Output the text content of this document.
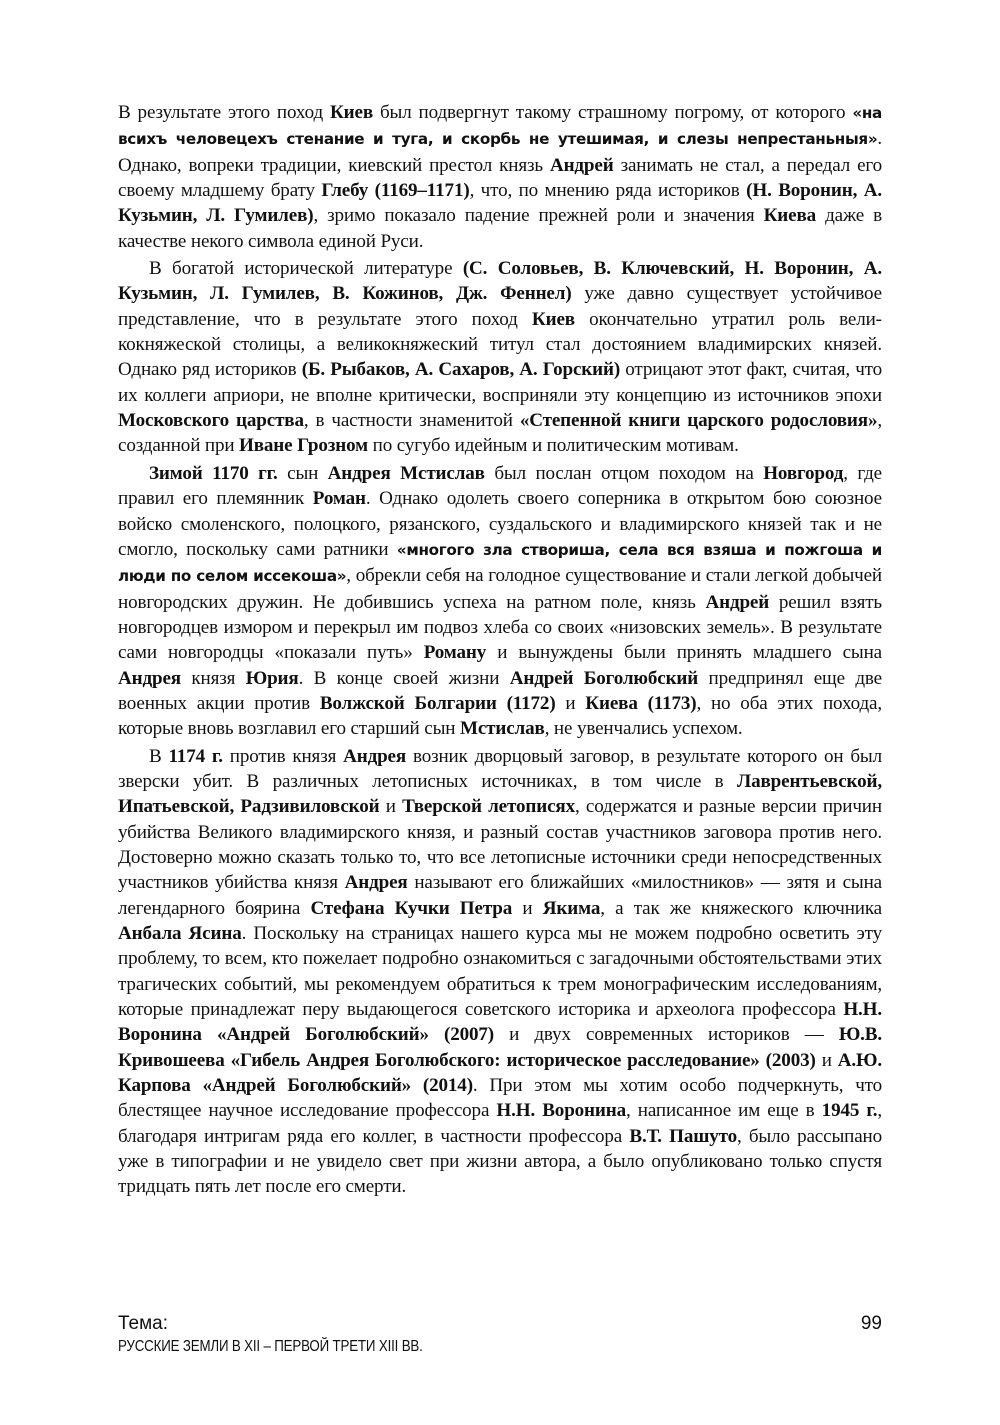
В результате этого поход Киев был подвергнут такому страшному погрому, от которого «на всихъ человецехъ стенание и туга, и скорбь не утешимая, и слезы непрестаньныя». Однако, вопреки традиции, киевский престол князь Андрей занимать не стал, а передал его своему младшему брату Глебу (1169–1171), что, по мнению ряда историков (Н. Воронин, А. Кузьмин, Л. Гумилев), зримо показало падение прежней роли и значения Киева даже в качестве некого символа единой Руси.

В богатой исторической литературе (С. Соловьев, В. Ключевский, Н. Воронин, А. Кузьмин, Л. Гумилев, В. Кожинов, Дж. Феннел) уже давно существует устойчивое представление, что в результате этого поход Киев окончательно утратил роль великокняжеской столицы, а великокняжеский титул стал достоянием владимирских князей. Однако ряд историков (Б. Рыбаков, А. Сахаров, А. Горский) отрицают этот факт, считая, что их коллеги априори, не вполне критически, восприняли эту концепцию из источников эпохи Московского царства, в частности знаменитой «Степенной книги царского родословия», созданной при Иване Грозном по сугубо идейным и политическим мотивам.

Зимой 1170 гг. сын Андрея Мстислав был послан отцом походом на Новгород, где правил его племянник Роман. Однако одолеть своего соперника в открытом бою союзное войско смоленского, полоцкого, рязанского, суздальского и владимирского князей так и не смогло, поскольку сами ратники «многого зла створиша, села вся взяша и пожгоша и люди по селом иссекоша», обрекли себя на голодное существование и стали легкой добычей новгородских дружин. Не добившись успеха на ратном поле, князь Андрей решил взять новгородцев измором и перекрыл им подвоз хлеба со своих «низовских земель». В результате сами новгородцы «показали путь» Роману и вынуждены были принять младшего сына Андрея князя Юрия. В конце своей жизни Андрей Боголюбский предпринял еще две военных акции против Волжской Болгарии (1172) и Киева (1173), но оба этих похода, которые вновь возглавил его старший сын Мстислав, не увенчались успехом.

В 1174 г. против князя Андрея возник дворцовый заговор, в результате которого он был зверски убит. В различных летописных источниках, в том числе в Лаврентьевской, Ипатьевской, Радзивиловской и Тверской летописях, содержатся и разные версии причин убийства Великого владимирского князя, и разный состав участников заговора против него. Достоверно можно сказать только то, что все летописные источники среди непосредственных участников убийства князя Андрея называют его ближайших «милостников» — зятя и сына легендарного боярина Стефана Кучки Петра и Якима, а так же княжеского ключника Анбала Ясина. Поскольку на страницах нашего курса мы не можем подробно осветить эту проблему, то всем, кто пожелает подробно ознакомиться с загадочными обстоятельствами этих трагических событий, мы рекомендуем обратиться к трем монографическим исследованиям, которые принадлежат перу выдающегося советского историка и археолога профессора Н.Н. Воронина «Андрей Боголюбский» (2007) и двух современных историков — Ю.В. Кривошеева «Гибель Андрея Боголюбского: историческое расследование» (2003) и А.Ю. Карпова «Андрей Боголюбский» (2014). При этом мы хотим особо подчеркнуть, что блестящее научное исследование профессора Н.Н. Воронина, написанное им еще в 1945 г., благодаря интригам ряда его коллег, в частности профессора В.Т. Пашуто, было рассыпано уже в типографии и не увидело свет при жизни автора, а было опубликовано только спустя тридцать пять лет после его смерти.

Тема:
РУССКИЕ ЗЕМЛИ В XII – ПЕРВОЙ ТРЕТИ XIII ВВ.
99
